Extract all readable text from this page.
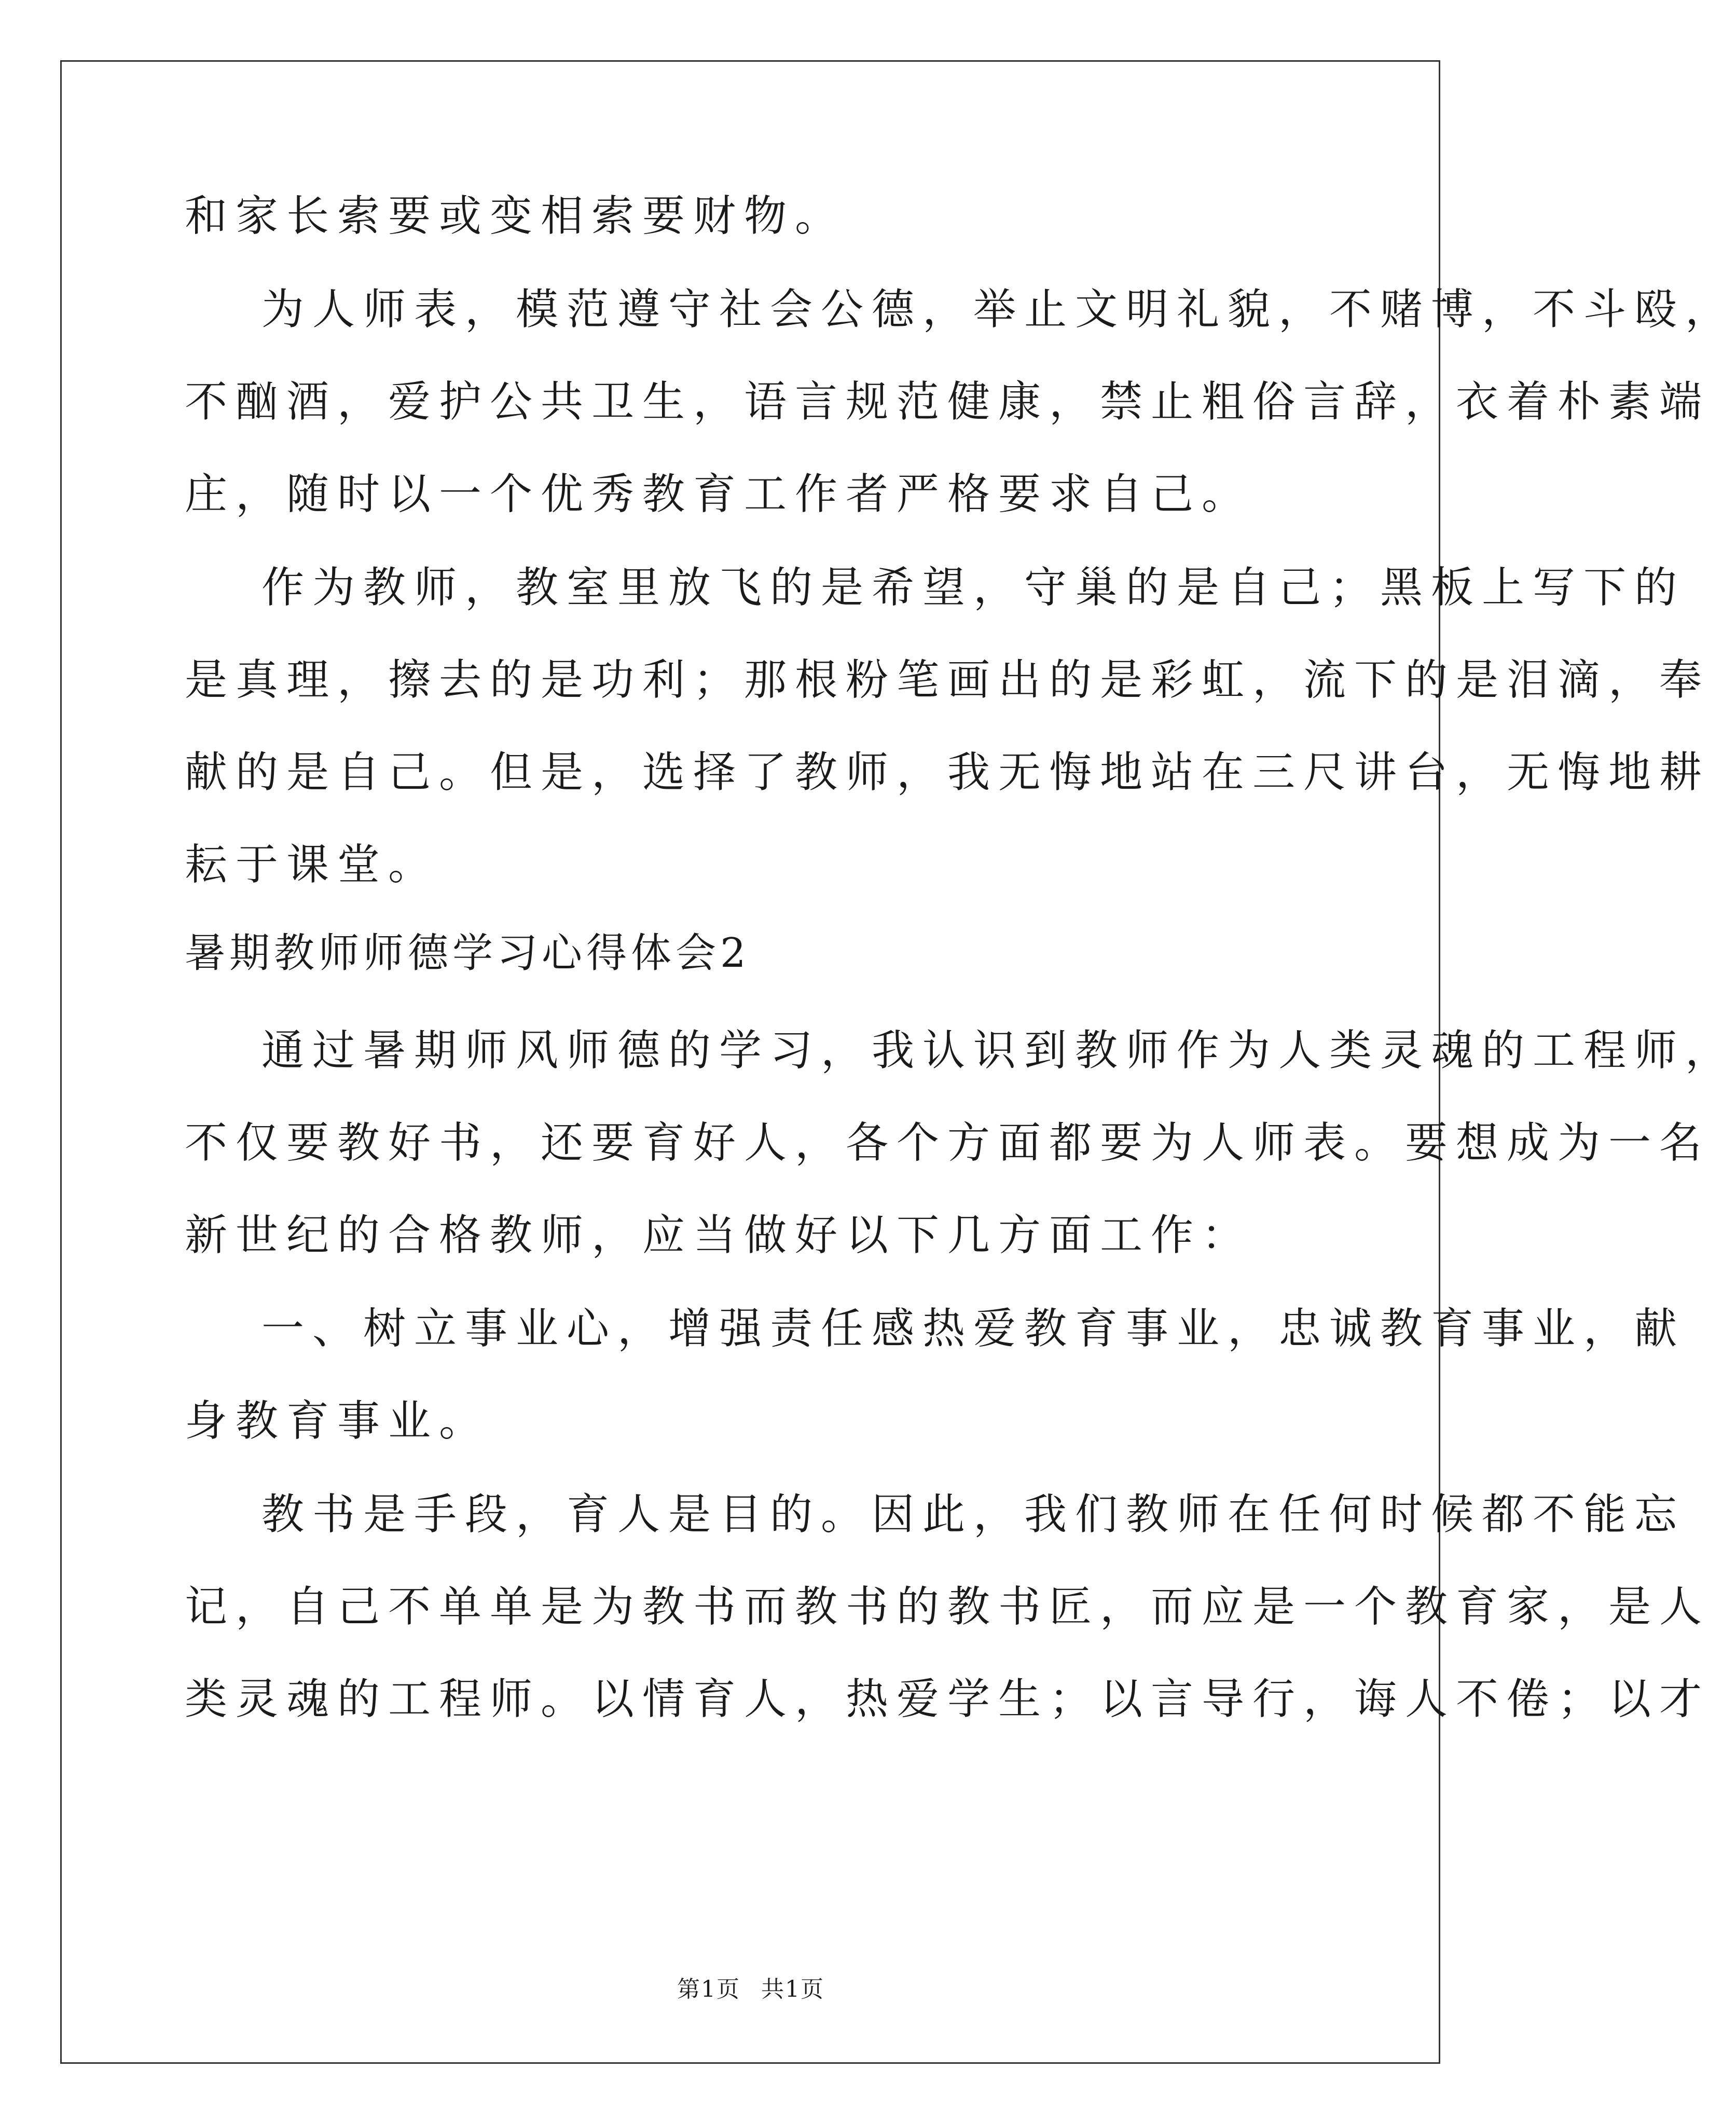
和家长索要或变相索要财物。
为人师表，模范遵守社会公德，举止文明礼貌，不赌博，不斗殴，
不酗酒，爱护公共卫生，语言规范健康，禁止粗俗言辞，衣着朴素端
庄，随时以一个优秀教育工作者严格要求自己。
作为教师，教室里放飞的是希望，守巢的是自己；黑板上写下的
是真理，擦去的是功利；那根粉笔画出的是彩虹，流下的是泪滴，奉
献的是自己。但是，选择了教师，我无悔地站在三尺讲台，无悔地耕
耘于课堂。
暑期教师师德学习心得体会2
通过暑期师风师德的学习，我认识到教师作为人类灵魂的工程师，
不仅要教好书，还要育好人，各个方面都要为人师表。要想成为一名
新世纪的合格教师，应当做好以下几方面工作：
一、树立事业心，增强责任感热爱教育事业，忠诚教育事业，献
身教育事业。
教书是手段，育人是目的。因此，我们教师在任何时候都不能忘
记，自己不单单是为教书而教书的教书匠，而应是一个教育家，是人
类灵魂的工程师。以情育人，热爱学生；以言导行，诲人不倦；以才
第1页 共1页
